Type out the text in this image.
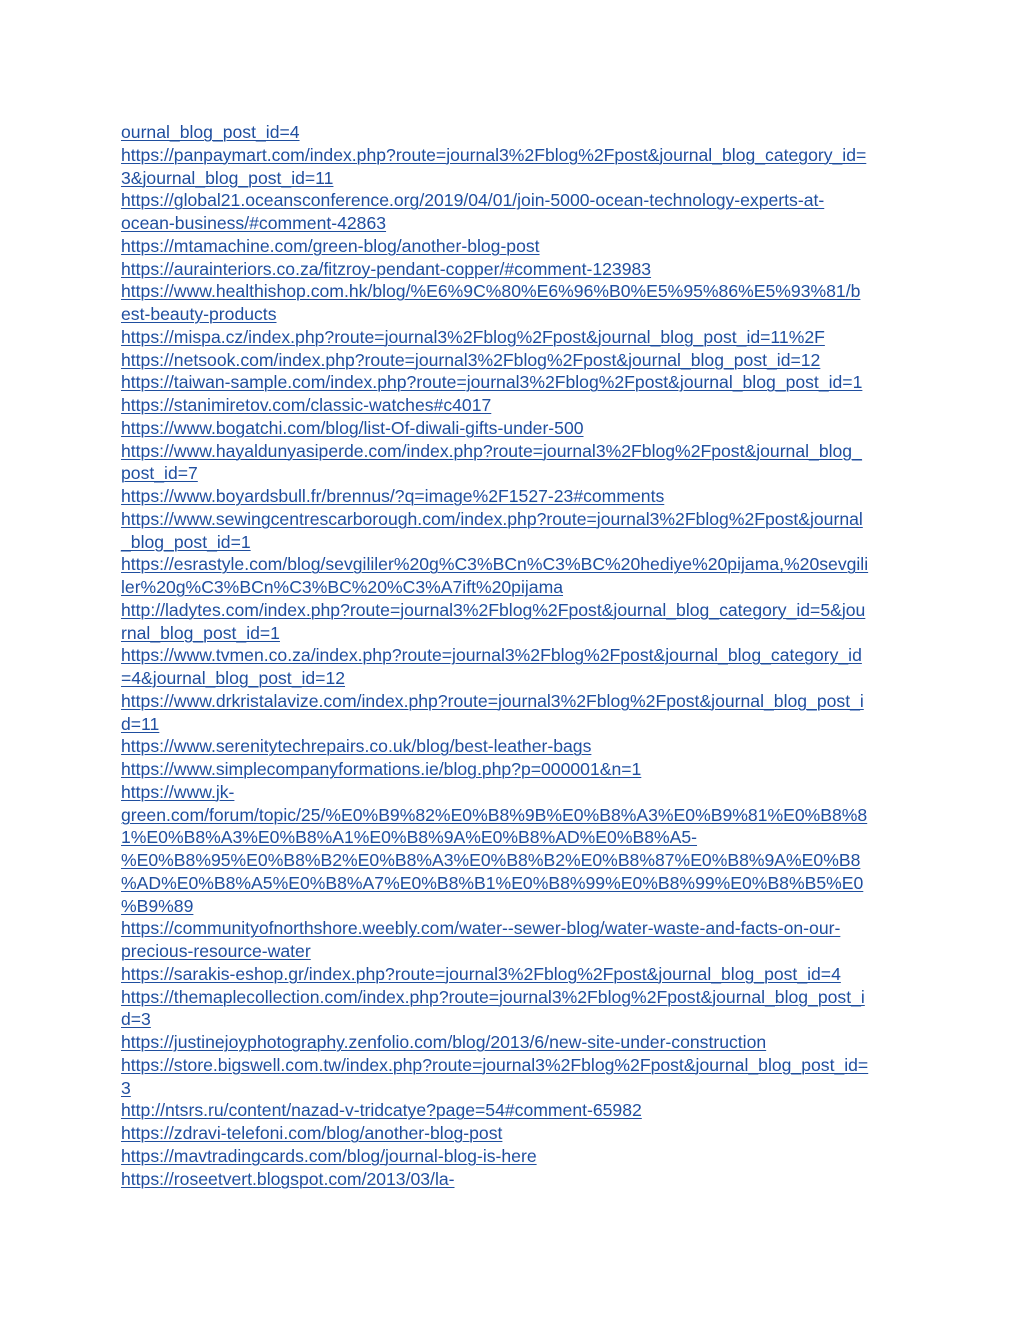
ournal_blog_post_id=4
https://panpaymart.com/index.php?route=journal3%2Fblog%2Fpost&journal_blog_category_id=
3&journal_blog_post_id=11
https://global21.oceansconference.org/2019/04/01/join-5000-ocean-technology-experts-at-
ocean-business/#comment-42863
https://mtamachine.com/green-blog/another-blog-post
https://aurainteriors.co.za/fitzroy-pendant-copper/#comment-123983
https://www.healthishop.com.hk/blog/%E6%9C%80%E6%96%B0%E5%95%86%E5%93%81/b
est-beauty-products
https://mispa.cz/index.php?route=journal3%2Fblog%2Fpost&journal_blog_post_id=11%2F
https://netsook.com/index.php?route=journal3%2Fblog%2Fpost&journal_blog_post_id=12
https://taiwan-sample.com/index.php?route=journal3%2Fblog%2Fpost&journal_blog_post_id=1
https://stanimiretov.com/classic-watches#c4017
https://www.bogatchi.com/blog/list-Of-diwali-gifts-under-500
https://www.hayaldunyasiperde.com/index.php?route=journal3%2Fblog%2Fpost&journal_blog_
post_id=7
https://www.boyardsbull.fr/brennus/?q=image%2F1527-23#comments
https://www.sewingcentrescarborough.com/index.php?route=journal3%2Fblog%2Fpost&journal
_blog_post_id=1
https://esrastyle.com/blog/sevgililer%20g%C3%BCn%C3%BC%20hediye%20pijama,%20sevgili
ler%20g%C3%BCn%C3%BC%20%C3%A7ift%20pijama
http://ladytes.com/index.php?route=journal3%2Fblog%2Fpost&journal_blog_category_id=5&jou
rnal_blog_post_id=1
https://www.tvmen.co.za/index.php?route=journal3%2Fblog%2Fpost&journal_blog_category_id
=4&journal_blog_post_id=12
https://www.drkristalavize.com/index.php?route=journal3%2Fblog%2Fpost&journal_blog_post_i
d=11
https://www.serenitytechrepairs.co.uk/blog/best-leather-bags
https://www.simplecompanyformations.ie/blog.php?p=000001&n=1
https://www.jk-
green.com/forum/topic/25/%E0%B9%82%E0%B8%9B%E0%B8%A3%E0%B9%81%E0%B8%8
1%E0%B8%A3%E0%B8%A1%E0%B8%9A%E0%B8%AD%E0%B8%A5-
%E0%B8%95%E0%B8%B2%E0%B8%A3%E0%B8%B2%E0%B8%87%E0%B8%9A%E0%B8
%AD%E0%B8%A5%E0%B8%A7%E0%B8%B1%E0%B8%99%E0%B8%99%E0%B8%B5%E0
%B9%89
https://communityofnorthshore.weebly.com/water--sewer-blog/water-waste-and-facts-on-our-
precious-resource-water
https://sarakis-eshop.gr/index.php?route=journal3%2Fblog%2Fpost&journal_blog_post_id=4
https://themaplecollection.com/index.php?route=journal3%2Fblog%2Fpost&journal_blog_post_i
d=3
https://justinejoyphotography.zenfolio.com/blog/2013/6/new-site-under-construction
https://store.bigswell.com.tw/index.php?route=journal3%2Fblog%2Fpost&journal_blog_post_id=
3
http://ntsrs.ru/content/nazad-v-tridcatye?page=54#comment-65982
https://zdravi-telefoni.com/blog/another-blog-post
https://mavtradingcards.com/blog/journal-blog-is-here
https://roseetvert.blogspot.com/2013/03/la-
